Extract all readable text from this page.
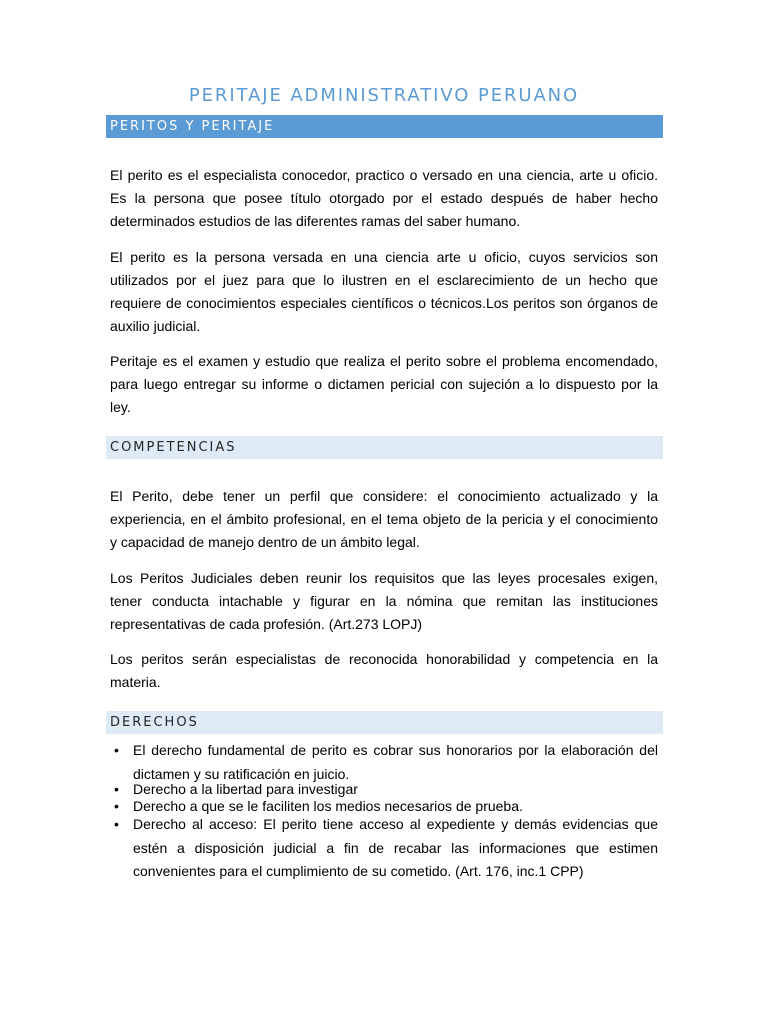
PERITAJE ADMINISTRATIVO PERUANO
PERITOS Y PERITAJE
El perito es el especialista conocedor, practico o versado en una ciencia, arte u oficio.
Es la persona que posee título otorgado por el estado después de haber hecho
determinados estudios de las diferentes ramas del saber humano.
El perito es la persona versada en una ciencia arte u oficio, cuyos servicios son
utilizados por el juez para que lo ilustren en el esclarecimiento de un hecho que
requiere de conocimientos especiales científicos o técnicos.Los peritos son órganos de
auxilio judicial.
Peritaje es el examen y estudio que realiza el perito sobre el problema encomendado,
para luego entregar su informe o dictamen pericial con sujeción a lo dispuesto por la
ley.
COMPETENCIAS
El Perito, debe tener un perfil que considere: el conocimiento actualizado y la
experiencia, en el ámbito profesional, en el tema objeto de la pericia y el conocimiento
y capacidad de manejo dentro de un ámbito legal.
Los Peritos Judiciales deben reunir los requisitos que las leyes procesales exigen,
tener conducta intachable y figurar en la nómina que remitan las instituciones
representativas de cada profesión. (Art.273 LOPJ)
Los peritos serán especialistas de reconocida honorabilidad y competencia en la
materia.
DERECHOS
• El derecho fundamental de perito es cobrar sus honorarios por la elaboración del
dictamen y su ratificación en juicio.
• Derecho a la libertad para investigar
• Derecho a que se le faciliten los medios necesarios de prueba.
• Derecho al acceso: El perito tiene acceso al expediente y demás evidencias que
estén a disposición judicial a fin de recabar las informaciones que estimen
convenientes para el cumplimiento de su cometido. (Art. 176, inc.1 CPP)
